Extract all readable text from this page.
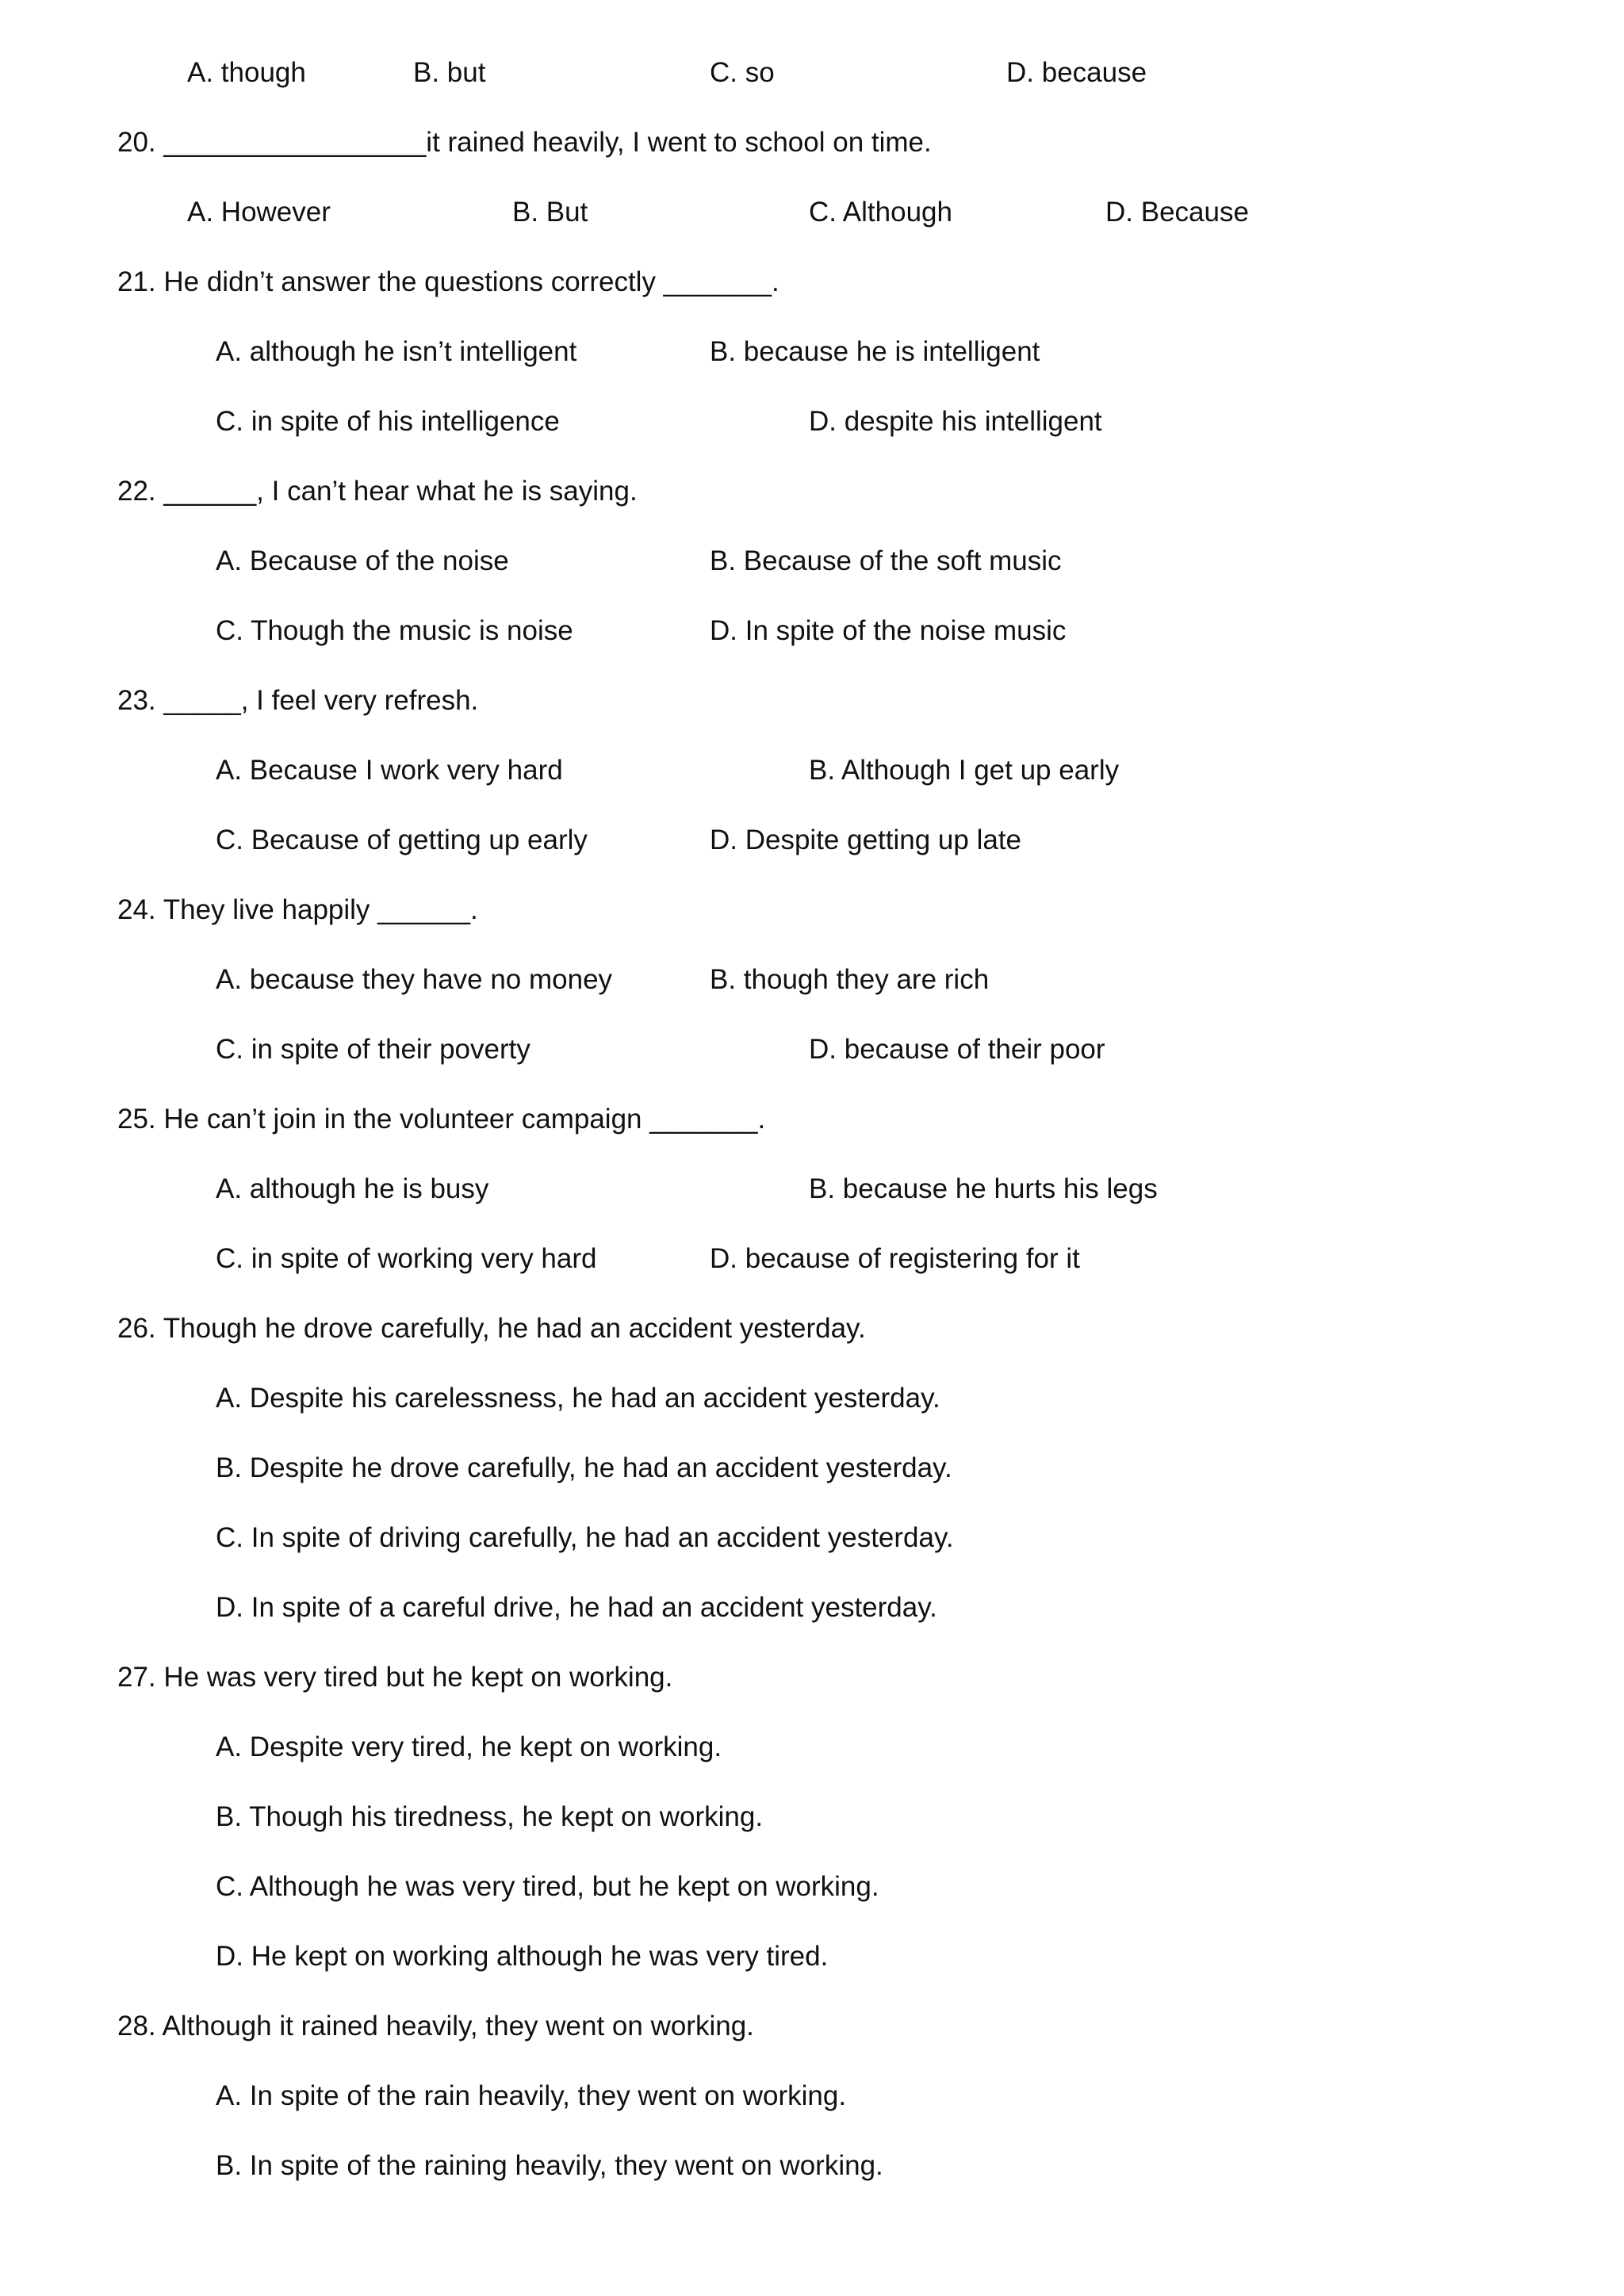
A. though	B. but	C. so	D. because
20. _________________it rained heavily, I went to school on time.
A. However	B. But	C. Although	D. Because
21. He didn’t answer the questions correctly _______.
A. although he isn’t intelligent	B. because he is intelligent
C. in spite of his intelligence	D. despite his intelligent
22. ______, I can’t hear what he is saying.
A. Because of the noise	B. Because of the soft music
C. Though the music is noise	D. In spite of the noise music
23. _____, I feel very refresh.
A. Because I work very hard	B. Although I get up early
C. Because of getting up early	D. Despite getting up late
24. They live happily ______.
A. because they have no money	B. though they are rich
C. in spite of their poverty	D. because of their poor
25. He can’t join in the volunteer campaign _______.
A. although he is busy	B. because he hurts his legs
C. in spite of working very hard	D. because of registering for it
26. Though he drove carefully, he had an accident yesterday.
A. Despite his carelessness, he had an accident yesterday.
B. Despite he drove carefully, he had an accident yesterday.
C. In spite of driving carefully, he had an accident yesterday.
D. In spite of a careful drive, he had an accident yesterday.
27. He was very tired but he kept on working.
A. Despite very tired, he kept on working.
B. Though his tiredness, he kept on working.
C. Although he was very tired, but he kept on working.
D. He kept on working although he was very tired.
28. Although it rained heavily, they went on working.
A. In spite of the rain heavily, they went on working.
B. In spite of the raining heavily, they went on working.
